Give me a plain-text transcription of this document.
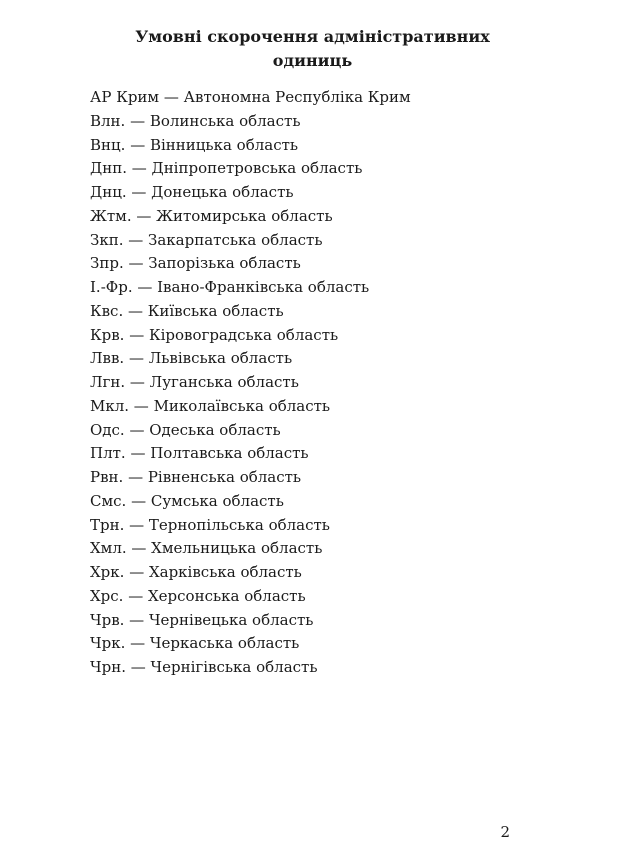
Умовні скорочення адміністративних
одиниць
АР Крим — Автономна Республіка Крим
Влн. — Волинська область
Внц. — Вінницька область
Днп. — Дніпропетровська область
Днц. — Донецька область
Жтм. — Житомирська область
Зкп. — Закарпатська область
Зпр. — Запорізька область
І.-Фр. — Івано-Франківська область
Квс. — Київська область
Крв. — Кіровоградська область
Лвв. — Львівська область
Лгн. — Луганська область
Мкл. — Миколаївська область
Одс. — Одеська область
Плт. — Полтавська область
Рвн. — Рівненська область
Смс. — Сумська область
Трн. — Тернопільська область
Хмл. — Хмельницька область
Хрк. — Харківська область
Хрс. — Херсонська область
Чрв. — Чернівецька область
Чрк. — Черкаська область
Чрн. — Чернігівська область
2
